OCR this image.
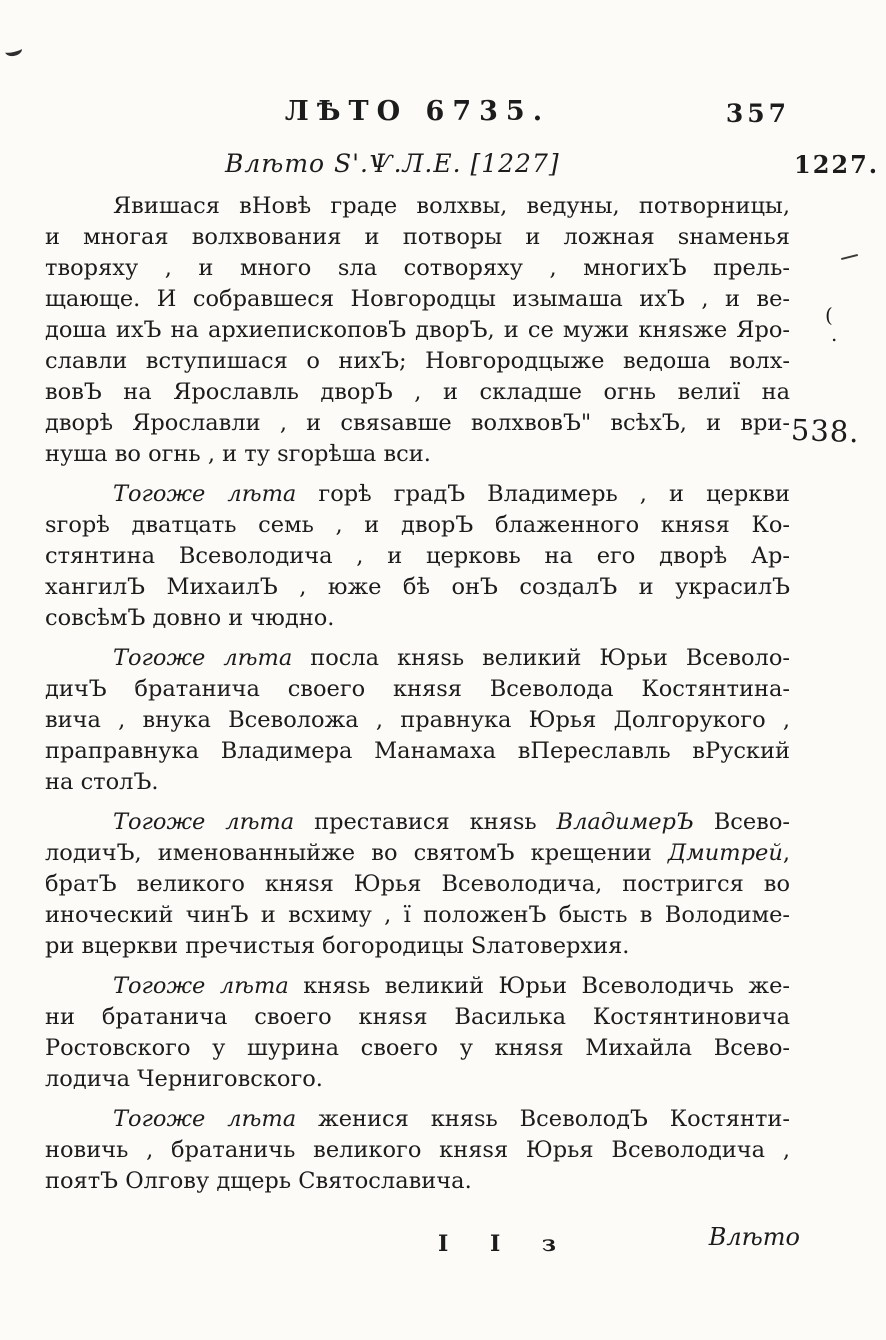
ЛѢТО 6735.	357
Влѣто Ѕ'.Ѱ.Л.Е. [1227]	1227.
(
.
538.
Явишася вНовѣ граде волхвы, ведуны, потворницы,
и многая волхвования и потворы и ложная ѕнаменья
творяху , и много ѕла сотворяху , многихЪ прель-
щающе. И собравшеся Новгородцы изымаша ихЪ , и ве-
доша ихЪ на архиепископовЪ дворЪ, и се мужи княѕже Яро-
славли вступишася о нихЪ; Новгородцыже ведоша волх-
вовЪ на Ярославль дворЪ , и складше огнь велиї на
дворѣ Ярославли , и свяѕавше волхвовЪ" всѣхЪ, и ври-
нуша во огнь , и ту ѕгорѣша вси.
Тогоже лѣта горѣ градЪ Владимерь , и церкви
ѕгорѣ дватцать семь , и дворЪ блаженного княѕя Ко-
стянтина Всеволодича , и церковь на его дворѣ Ар-
хангилЪ МихаилЪ , юже бѣ онЪ создалЪ и украсилЪ
совсѣмЪ довно и чюдно.
Тогоже лѣта посла княѕь великий Юрьи Всеволо-
дичЪ братанича своего княѕя Всеволода Костянтина-
вича , внука Всеволожа , правнука Юрья Долгорукого ,
праправнука Владимера Манамаха вПереславль вРуский
на столЪ.
Тогоже лѣта преставися княѕь ВладимерЪ Всево-
лодичЪ, именованныйже во святомЪ крещении Дмитрей,
братЪ великого княѕя Юрья Всеволодича, постригся во
иноческий чинЪ и всхиму , ї положенЪ бысть в Володиме-
ри вцеркви пречистыя богородицы Ѕлатоверхия.
Тогоже лѣта княѕь великий Юрьи Всеволодичь же-
ни братанича своего княѕя Василька Костянтиновича
Ростовского у шурина своего у княѕя Михайла Всево-
лодича Черниговского.
Тогоже лѣта женися княѕь ВсеволодЪ Костянти-
новичь , братаничь великого княѕя Юрья Всеволодича ,
поятЪ Олгову дщерь Святославича.
I I з	Влѣто
